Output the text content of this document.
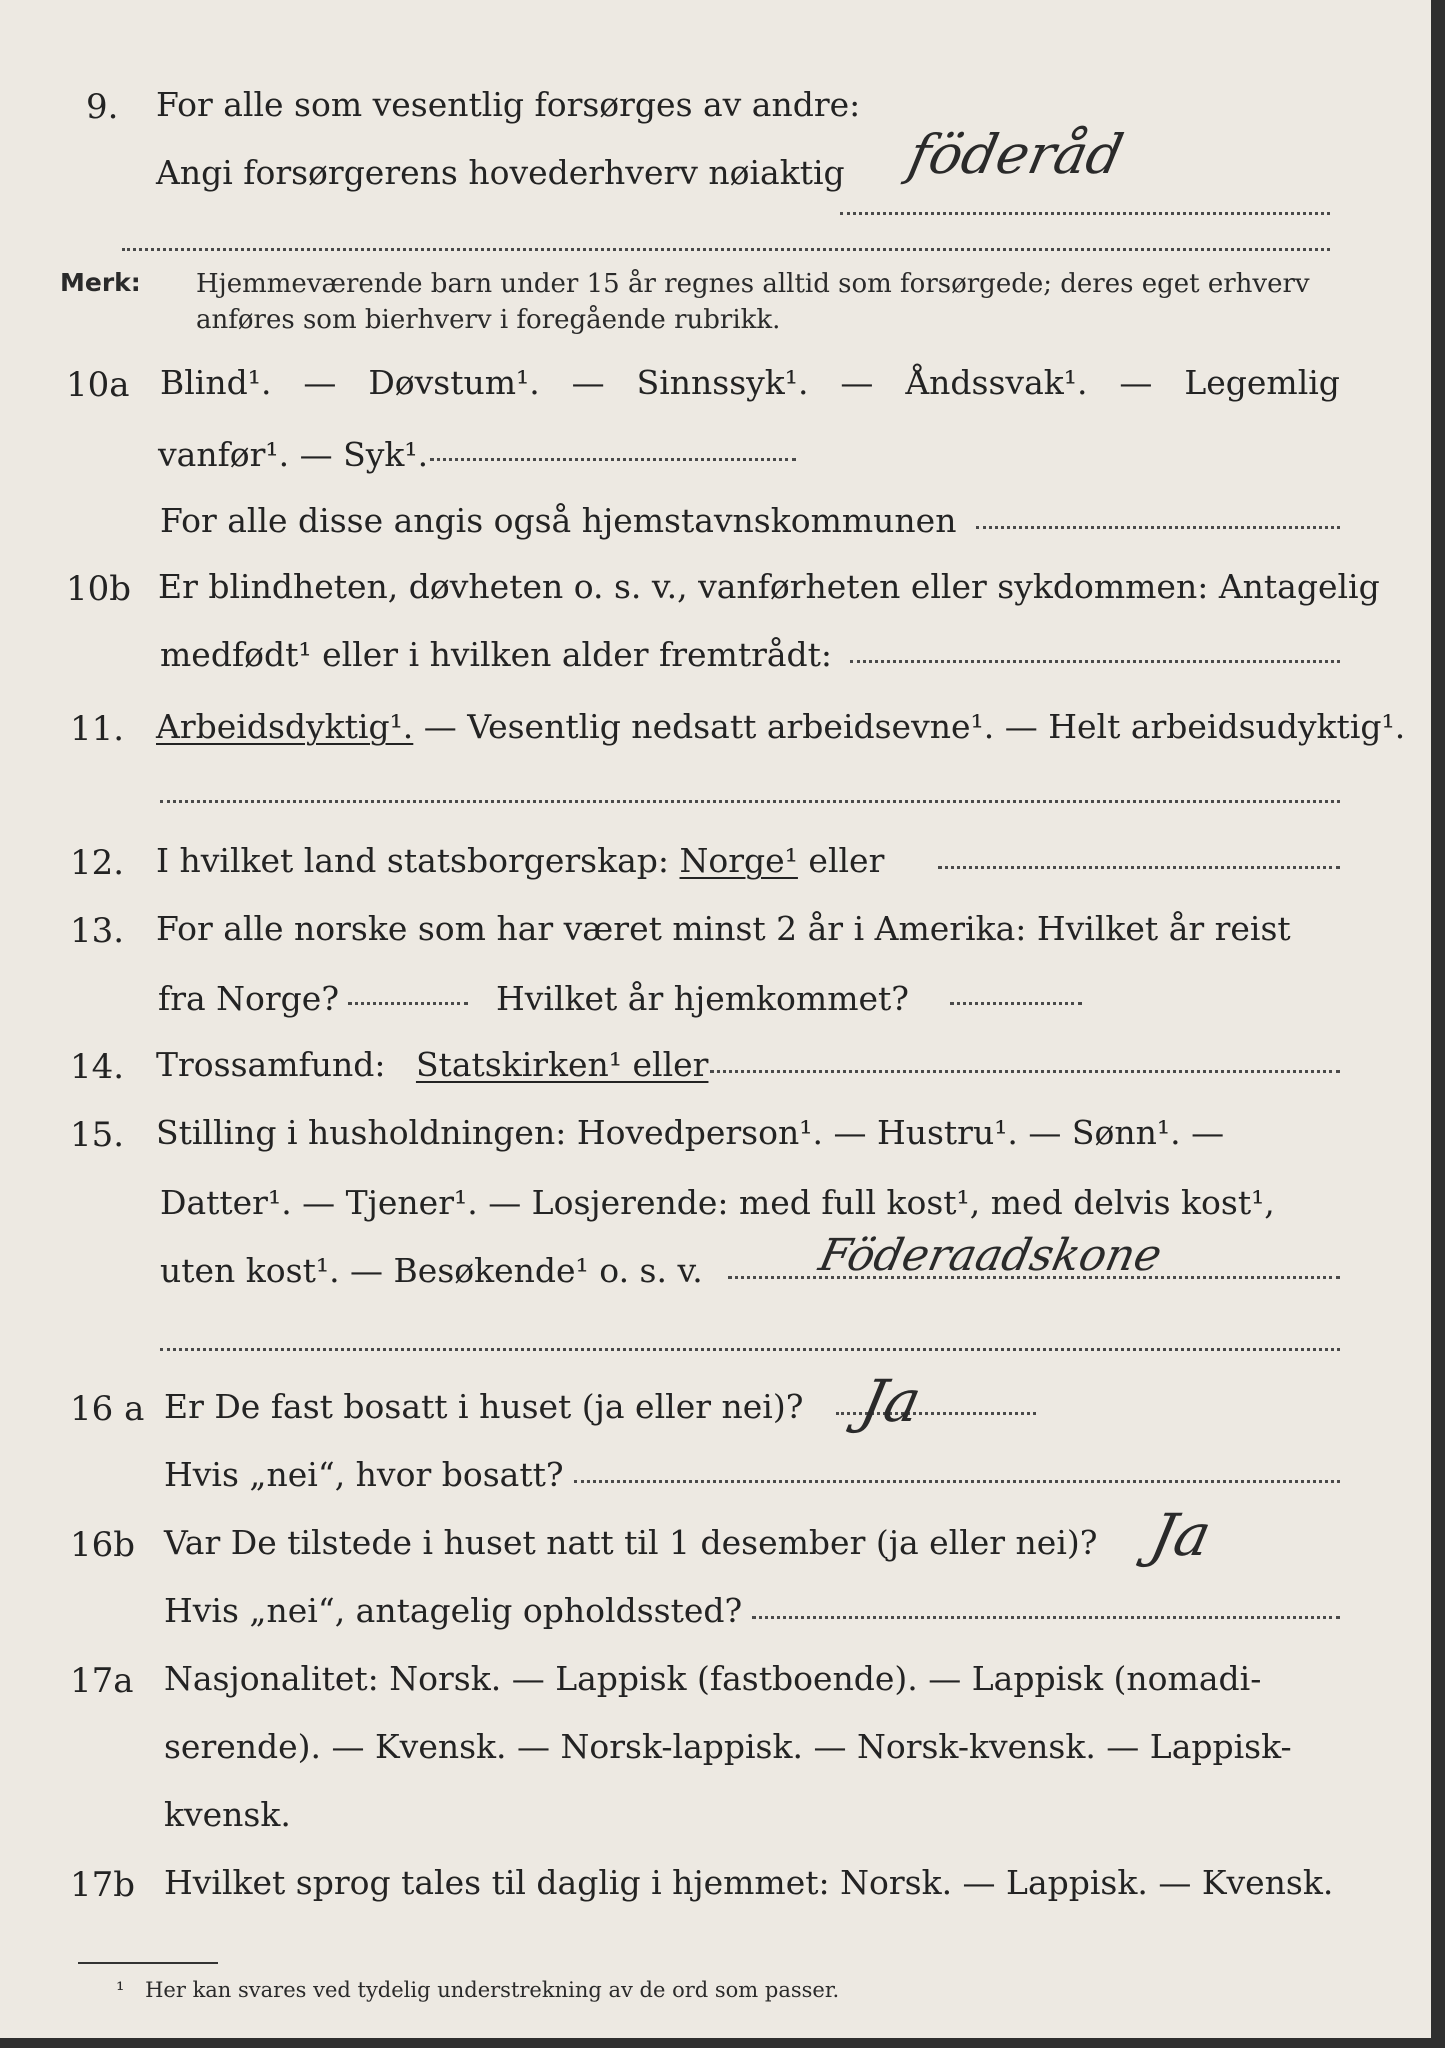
9. For alle som vesentlig forsørges av andre:
Angi forsørgerens hovederhverv nøiaktig föderåd
Merk: Hjemmeværende barn under 15 år regnes alltid som forsørgede; deres eget erhverv
anføres som bierhverv i foregående rubrikk.
10a Blind¹. — Døvstum¹. — Sinnssyk¹. — Åndssvak¹. — Legemlig
vanfør¹. — Syk¹.
For alle disse angis også hjemstavnskommunen
10b Er blindheten, døvheten o. s. v., vanførheten eller sykdommen: Antagelig
medfødt¹ eller i hvilken alder fremtrådt:
11. Arbeidsdyktig¹. — Vesentlig nedsatt arbeidsevne¹. — Helt arbeidsudyktig¹.
12. I hvilket land statsborgerskap: Norge¹ eller
13. For alle norske som har været minst 2 år i Amerika: Hvilket år reist
fra Norge?	Hvilket år hjemkommet?
14. Trossamfund: Statskirken¹ eller
15. Stilling i husholdningen: Hovedperson¹. — Hustru¹. — Sønn¹. —
Datter¹. — Tjener¹. — Losjerende: med full kost¹, med delvis kost¹,
uten kost¹. — Besøkende¹ o. s. v.	Föderaadskone
16 a Er De fast bosatt i huset (ja eller nei)? Ja
Hvis „nei“, hvor bosatt?
16b Var De tilstede i huset natt til 1 desember (ja eller nei)? Ja
Hvis „nei“, antagelig opholdssted?
17a Nasjonalitet: Norsk. — Lappisk (fastboende). — Lappisk (nomadi-
serende). — Kvensk. — Norsk-lappisk. — Norsk-kvensk. — Lappisk-
kvensk.
17b Hvilket sprog tales til daglig i hjemmet: Norsk. — Lappisk. — Kvensk.
¹ Her kan svares ved tydelig understrekning av de ord som passer.
